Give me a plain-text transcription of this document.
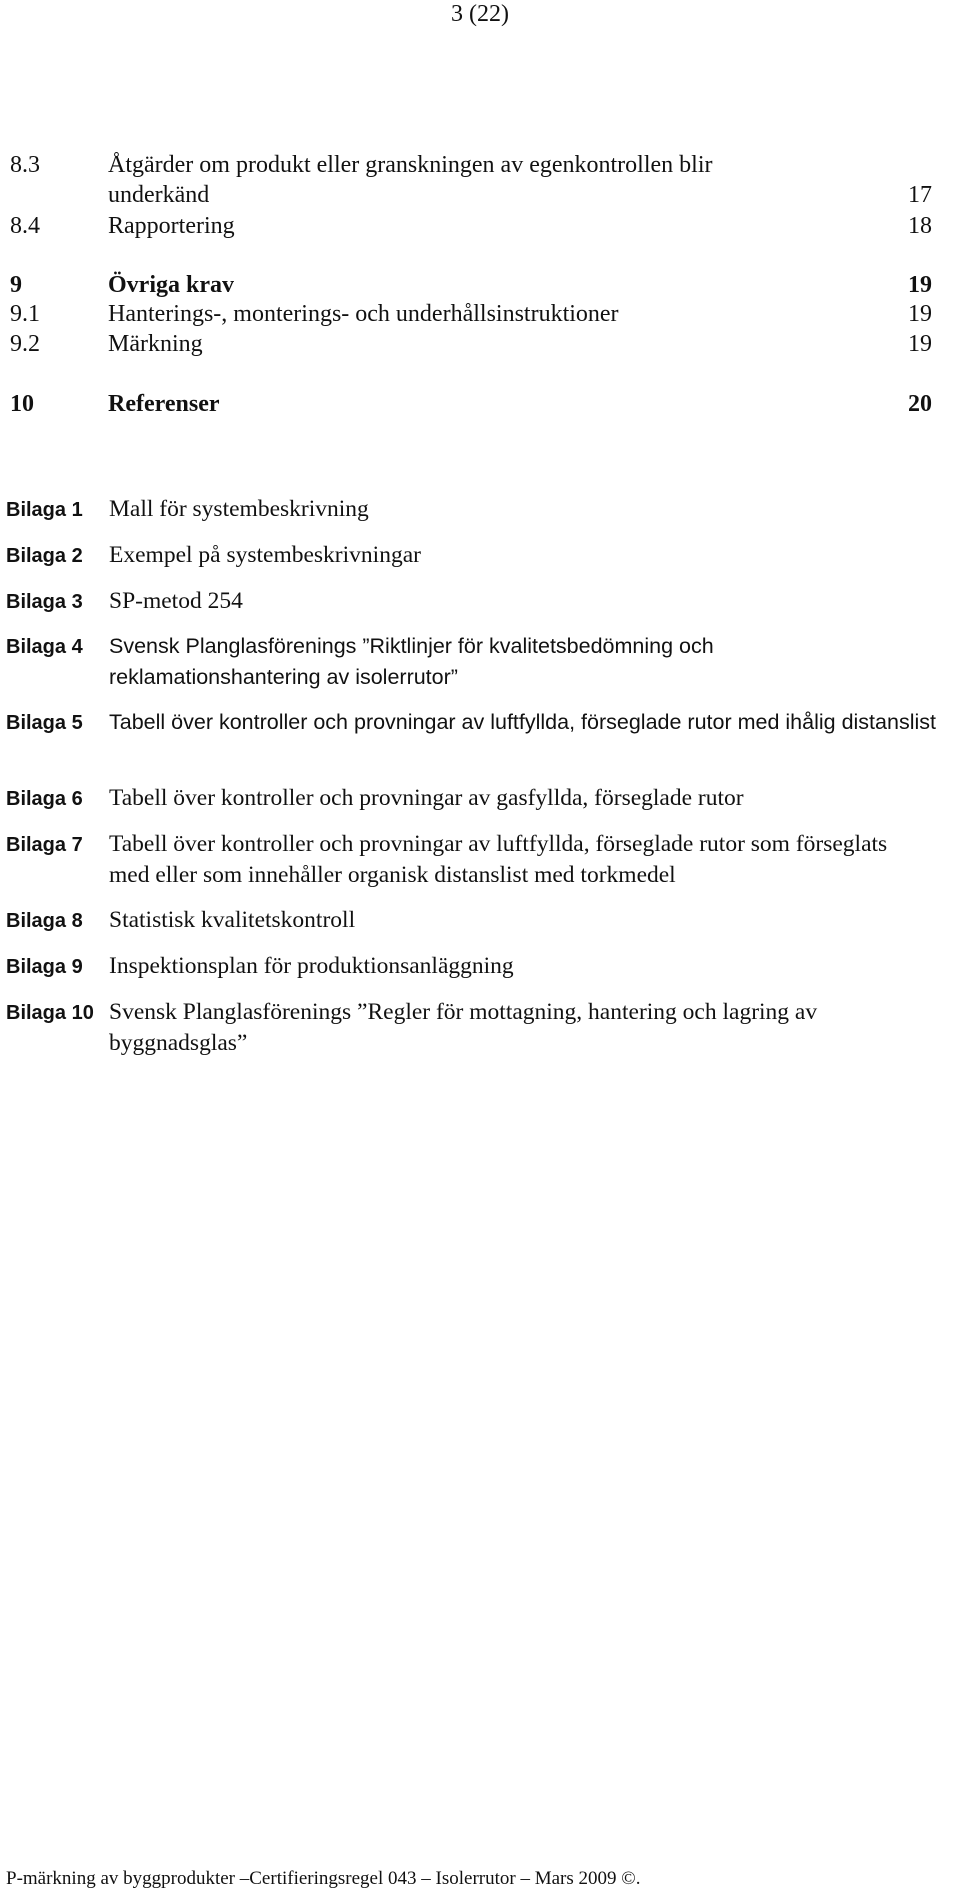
3 (22)
8.3	Åtgärder om produkt eller granskningen av egenkontrollen blir underkänd	17
8.4	Rapportering	18
9	Övriga krav	19
9.1	Hanterings-, monterings- och underhållsinstruktioner	19
9.2	Märkning	19
10	Referenser	20
Bilaga 1 Mall för systembeskrivning
Bilaga 2 Exempel på systembeskrivningar
Bilaga 3 SP-metod 254
Bilaga 4 Svensk Planglasförenings ”Riktlinjer för kvalitetsbedömning och reklamationshantering av isolerrutor”
Bilaga 5 Tabell över kontroller och provningar av luftfyllda, förseglade rutor med ihålig distanslist
Bilaga 6 Tabell över kontroller och provningar av gasfyllda, förseglade rutor
Bilaga 7 Tabell över kontroller och provningar av luftfyllda, förseglade rutor som förseglats med eller som innehåller organisk distanslist med torkmedel
Bilaga 8 Statistisk kvalitetskontroll
Bilaga 9 Inspektionsplan för produktionsanläggning
Bilaga 10 Svensk Planglasförenings ”Regler för mottagning, hantering och lagring av byggnadsglas”
P-märkning av byggprodukter –Certifieringsregel 043 – Isolerrutor – Mars 2009 ©.
